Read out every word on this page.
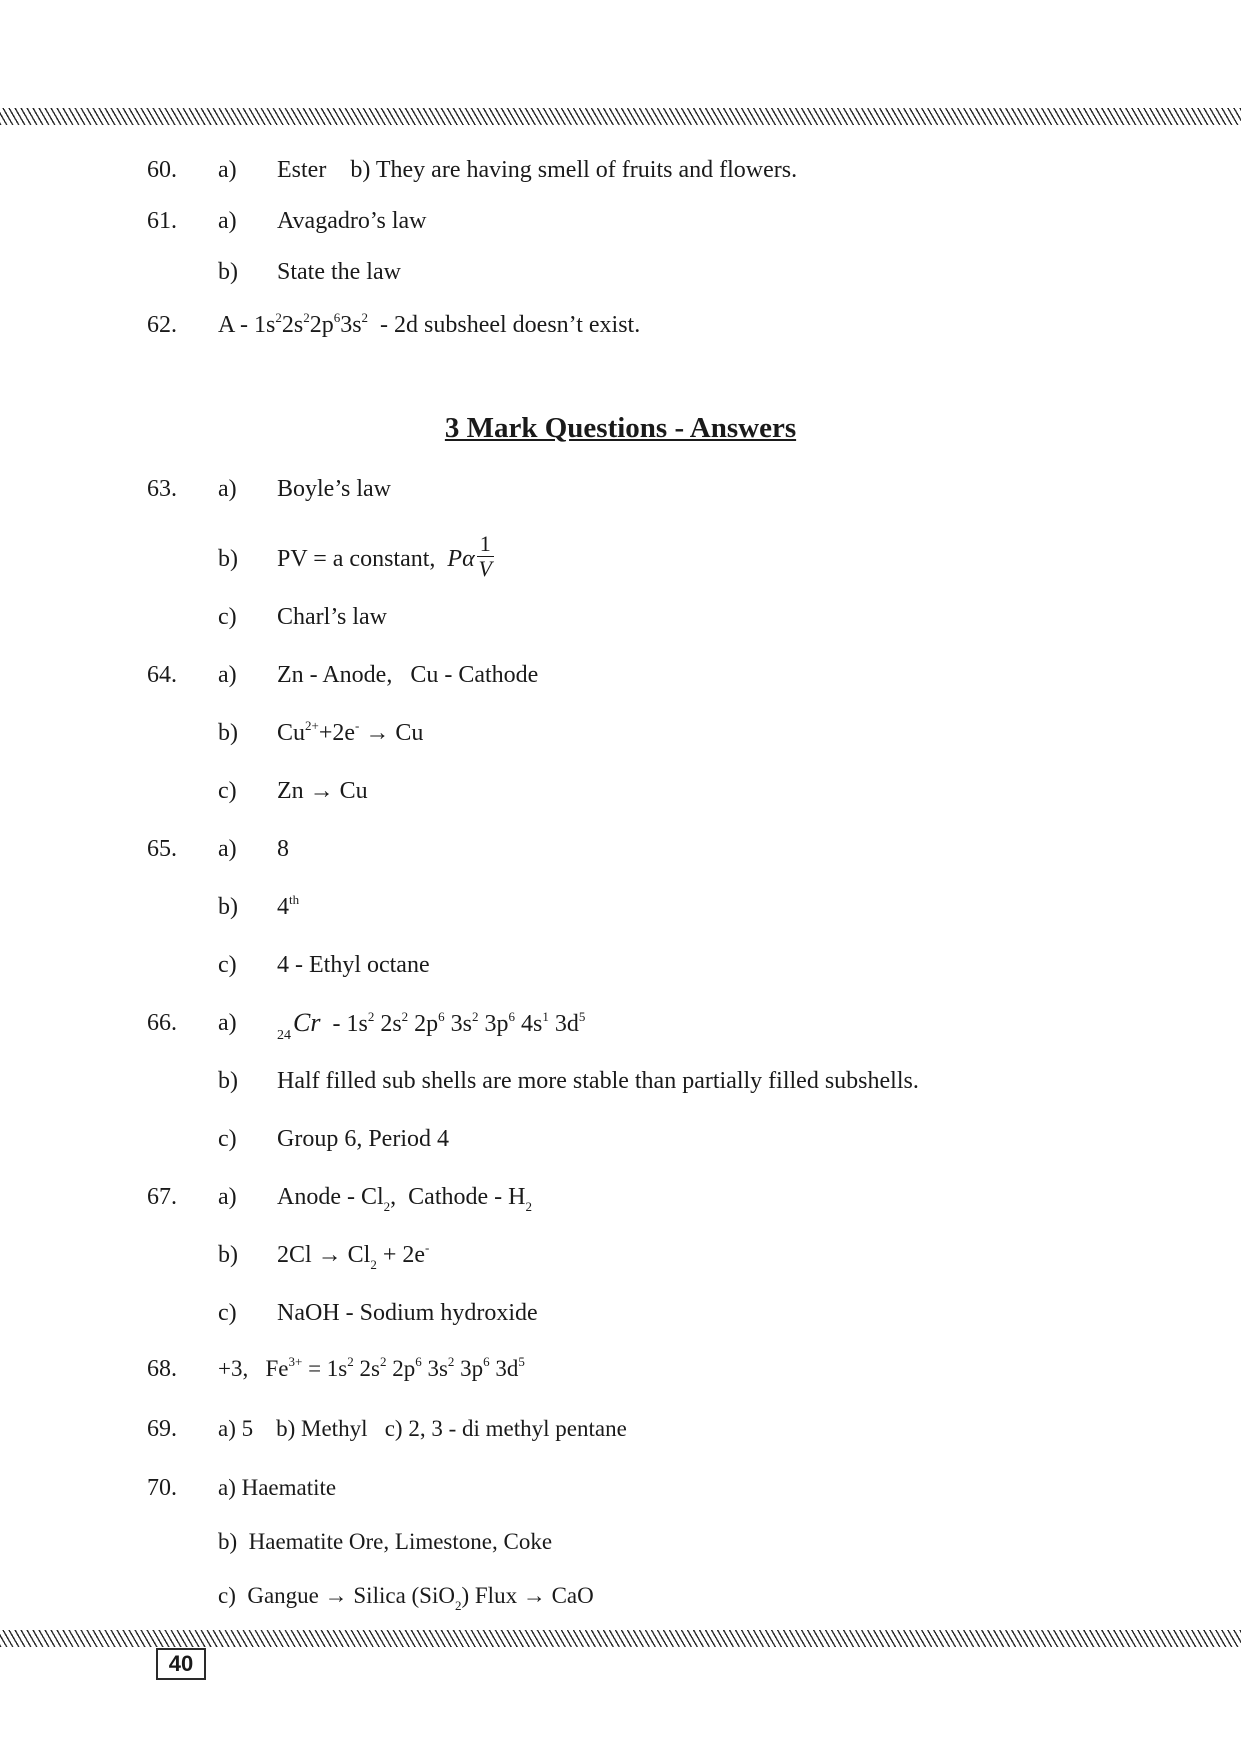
60. a) Ester b) They are having smell of fruits and flowers.
61. a) Avagadro’s law
b) State the law
62. A - $1s^22s^22p^63s^2 - 2d$ subsheel doesn’t exist.
3 Mark Questions - Answers
63. a) Boyle’s law
b) PV = a constant, Pα $\frac{1}{V}$
c) Charl’s law
64. a) Zn - Anode,   Cu - Cathode
b) $Cu^{2+}+2e^- \to Cu$
c) Zn → Cu
65. a) 8
b) 4th
c) 4 - Ethyl octane
66. a)	$_{24}Cr - 1s^2$ $2s^2$ $2p^6$ $3s^2$ $3p^6$ $4s^1$ $3d^5$
b) Half filled sub shells are more stable than partially filled subshells.
c) Group 6, Period 4
67. a) Anode - $Cl_2$,  Cathode - $H_2$
b) $2Cl \to Cl_2 + 2e^-$
c) NaOH - Sodium hydroxide
68. +3,   $Fe^{3+} = 1s^2$ $2s^2$ $2p^6$ $3s^2$ $3p^6$ $3d^5$
69. a) 5    b) Methyl   c) 2, 3 - di methyl pentane
70. a) Haematite
b)  Haematite Ore, Limestone, Coke
c)  Gangue → Silica (SiO$_2$) Flux → CaO
40
